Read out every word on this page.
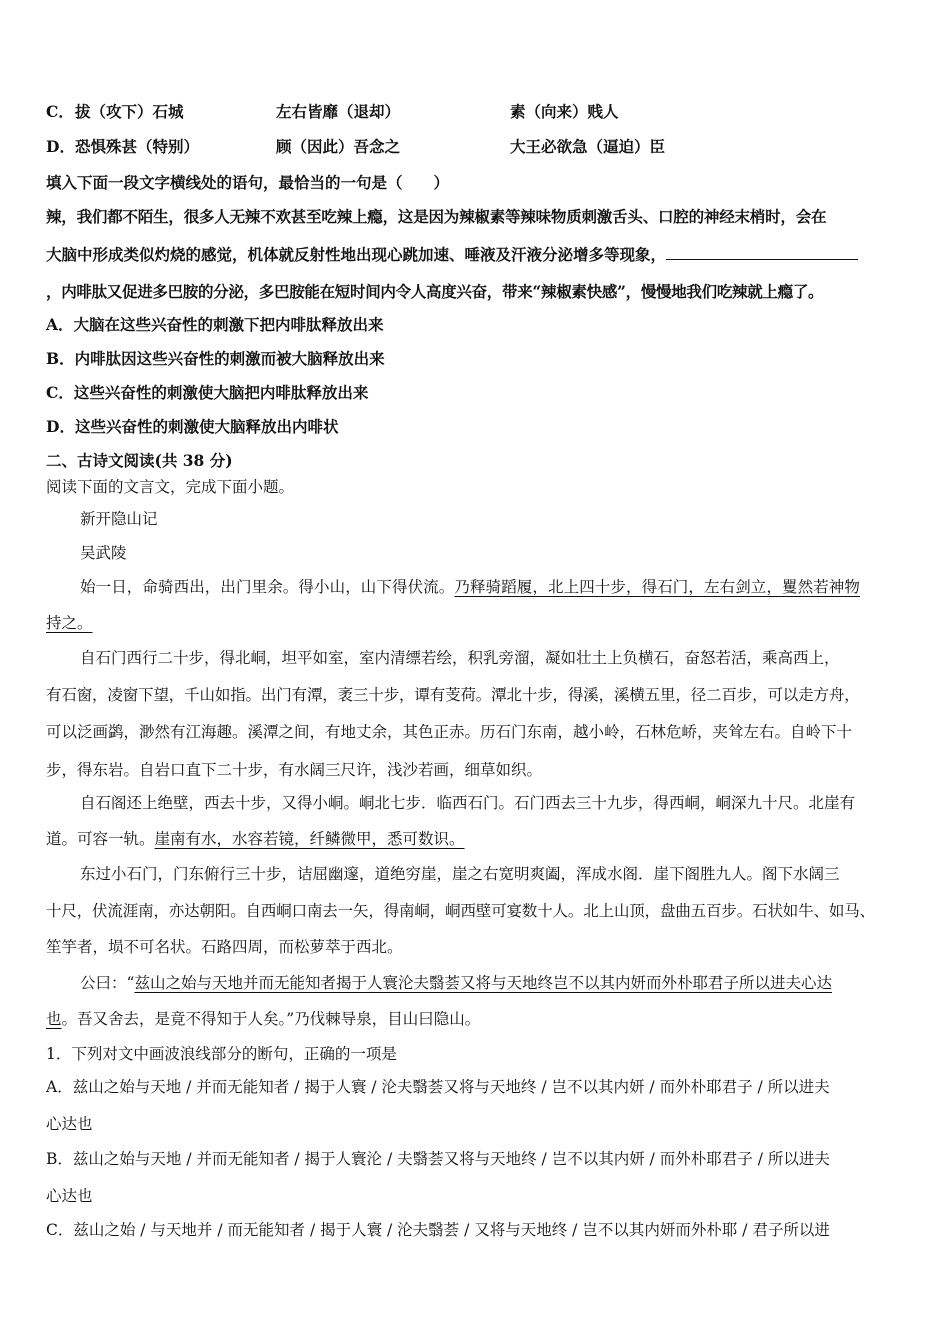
C． 拔（攻下）石城	左右皆靡（退却）	素（向来）贱人
D． 恐惧殊甚（特别）	顾（因此）吾念之	大王必欲急（逼迫）臣
填入下面一段文字横线处的语句，最恰当的一句是（　　）
辣，我们都不陌生，很多人无辣不欢甚至吃辣上瘾，这是因为辣椒素等辣味物质刺激舌头、口腔的神经末梢时，会在
大脑中形成类似灼烧的感觉，机体就反射性地出现心跳加速、唾液及汗液分泌增多等现象，
，内啡肽又促进多巴胺的分泌，多巴胺能在短时间内令人高度兴奋，带来“辣椒素快感”，慢慢地我们吃辣就上瘾了。
A．大脑在这些兴奋性的刺激下把内啡肽释放出来
B．内啡肽因这些兴奋性的刺激而被大脑释放出来
C．这些兴奋性的刺激使大脑把内啡肽释放出来
D．这些兴奋性的刺激使大脑释放出内啡状
二、古诗文阅读(共 38 分)
阅读下面的文言文，完成下面小题。
新开隐山记
吴武陵
始一日，命骑西出，出门里余。得小山，山下得伏流。乃释骑蹈履，北上四十步，得石门，左右剑立，矍然若神物
持之。
自石门西行二十步，得北峒，坦平如室，室内清缥若绘，积乳旁溜，凝如壮土上负横石，奋怒若活，乘高西上，
有石窗，凌窗下望，千山如指。出门有潭，袤三十步，谭有芰荷。潭北十步，得溪，溪横五里，径二百步，可以走方舟，
可以泛画鹢，渺然有江海趣。溪潭之间，有地丈余，其色正赤。历石门东南，越小岭，石林危峤，夹耸左右。自岭下十
步，得东岩。自岩口直下二十步，有水阔三尺许，浅沙若画，细草如织。
自石阁还上绝壁，西去十步，又得小峒。峒北七步．临西石门。石门西去三十九步，得西峒，峒深九十尺。北崖有
道。可容一轨。崖南有水，水容若镜，纤鳞微甲，悉可数识。
东过小石门，门东俯行三十步，诘屈幽邃，道绝穷崖，崖之右宽明爽阖，浑成水阁．崖下阁胜九人。阁下水阔三
十尺，伏流涯南，亦达朝阳。自西峒口南去一矢，得南峒，峒西壁可宴数十人。北上山顶，盘曲五百步。石状如牛、如马、
笙竽者，埙不可名状。石路四周，而松萝萃于西北。
公曰：“兹山之始与天地并而无能知者揭于人寰沦夫翳荟又将与天地终岂不以其内妍而外朴耶君子所以进夫心达
也。吾又舍去，是竟不得知于人矣。”乃伐棘导泉，目山曰隐山。
1．下列对文中画波浪线部分的断句，正确的一项是
A．兹山之始与天地 / 并而无能知者 / 揭于人寰 / 沦夫翳荟又将与天地终 / 岂不以其内妍 / 而外朴耶君子 / 所以进夫
心达也
B．兹山之始与天地 / 并而无能知者 / 揭于人寰沦 / 夫翳荟又将与天地终 / 岂不以其内妍 / 而外朴耶君子 / 所以进夫
心达也
C．兹山之始 / 与天地并 / 而无能知者 / 揭于人寰 / 沦夫翳荟 / 又将与天地终 / 岂不以其内妍而外朴耶 / 君子所以进
